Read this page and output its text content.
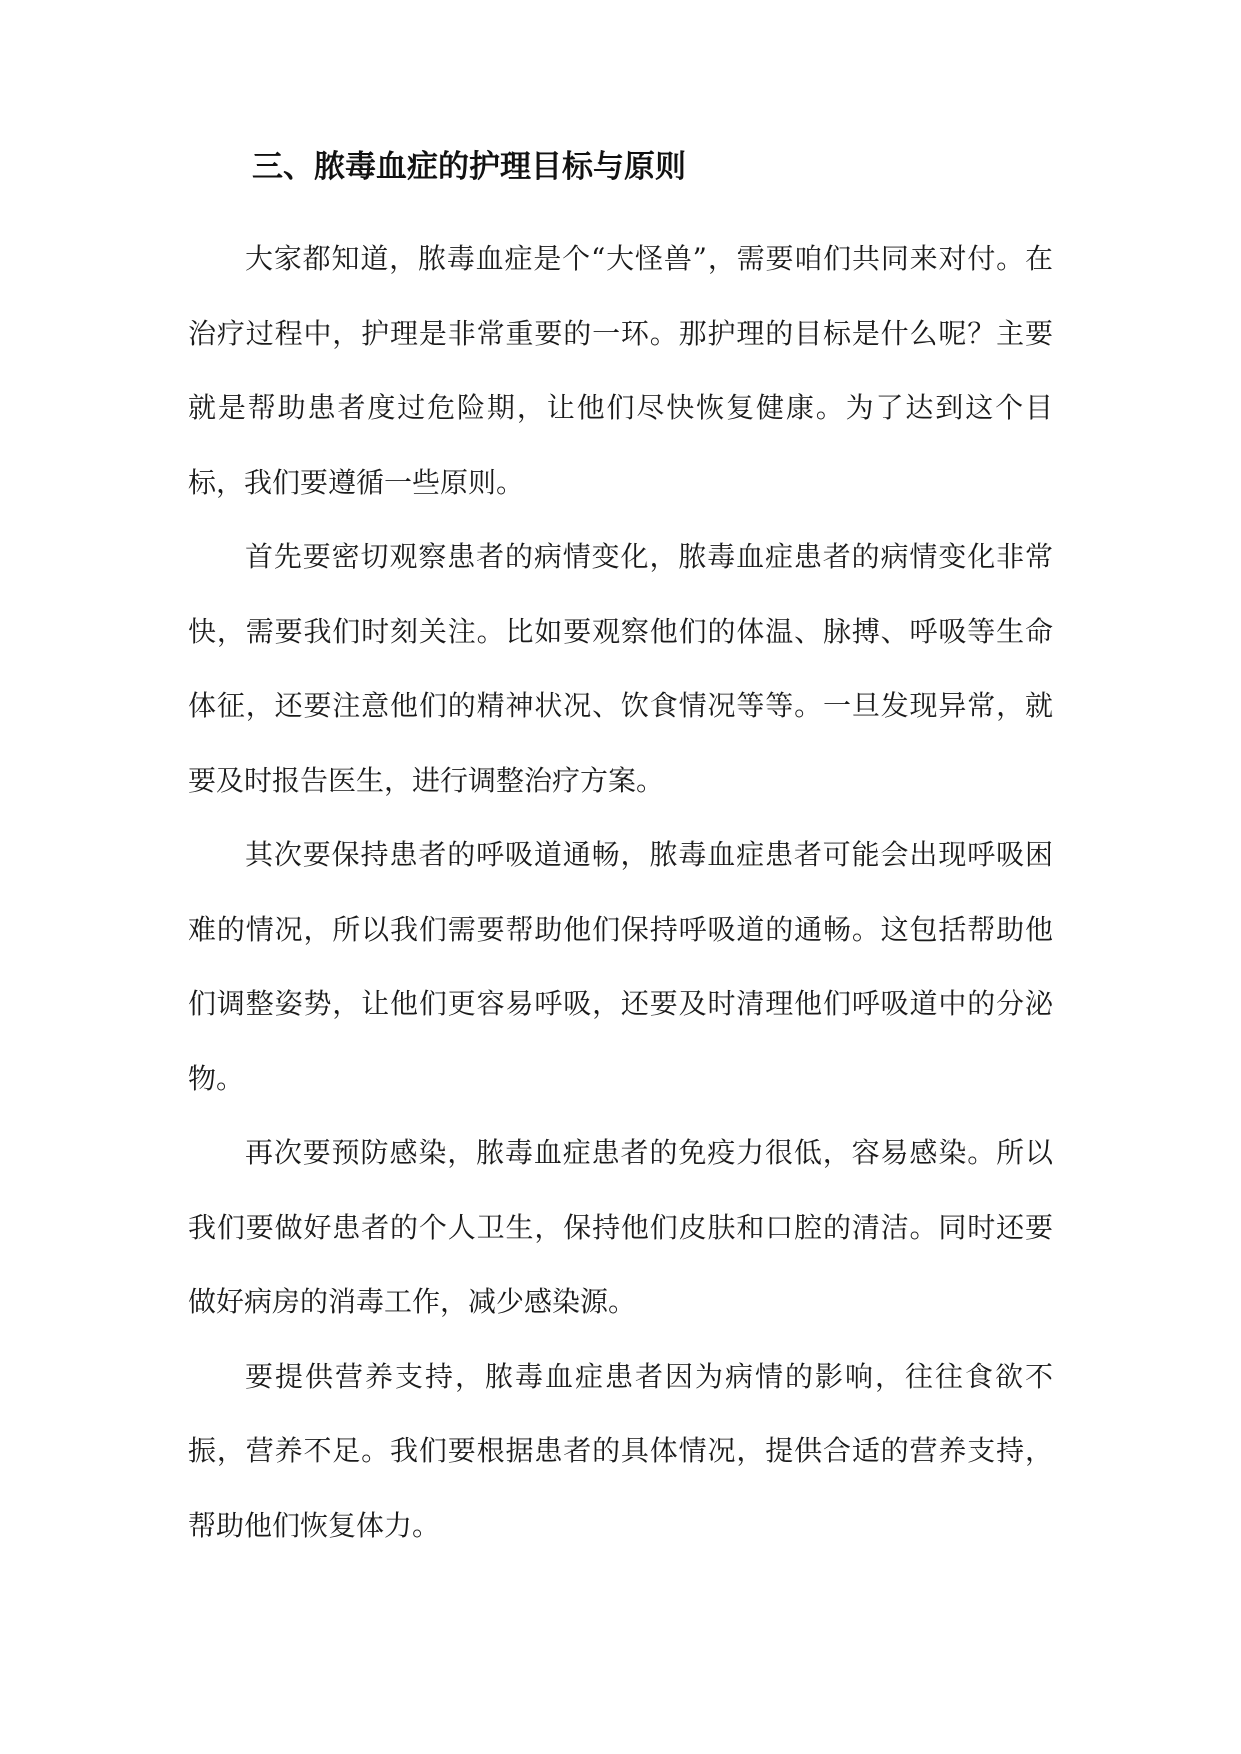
三、脓毒血症的护理目标与原则

大家都知道，脓毒血症是个“大怪兽”，需要咱们共同来对付。在治疗过程中，护理是非常重要的一环。那护理的目标是什么呢？主要就是帮助患者度过危险期，让他们尽快恢复健康。为了达到这个目标，我们要遵循一些原则。

首先要密切观察患者的病情变化，脓毒血症患者的病情变化非常快，需要我们时刻关注。比如要观察他们的体温、脉搏、呼吸等生命体征，还要注意他们的精神状况、饮食情况等等。一旦发现异常，就要及时报告医生，进行调整治疗方案。

其次要保持患者的呼吸道通畅，脓毒血症患者可能会出现呼吸困难的情况，所以我们需要帮助他们保持呼吸道的通畅。这包括帮助他们调整姿势，让他们更容易呼吸，还要及时清理他们呼吸道中的分泌物。

再次要预防感染，脓毒血症患者的免疫力很低，容易感染。所以我们要做好患者的个人卫生，保持他们皮肤和口腔的清洁。同时还要做好病房的消毒工作，减少感染源。

要提供营养支持，脓毒血症患者因为病情的影响，往往食欲不振，营养不足。我们要根据患者的具体情况，提供合适的营养支持，帮助他们恢复体力。
